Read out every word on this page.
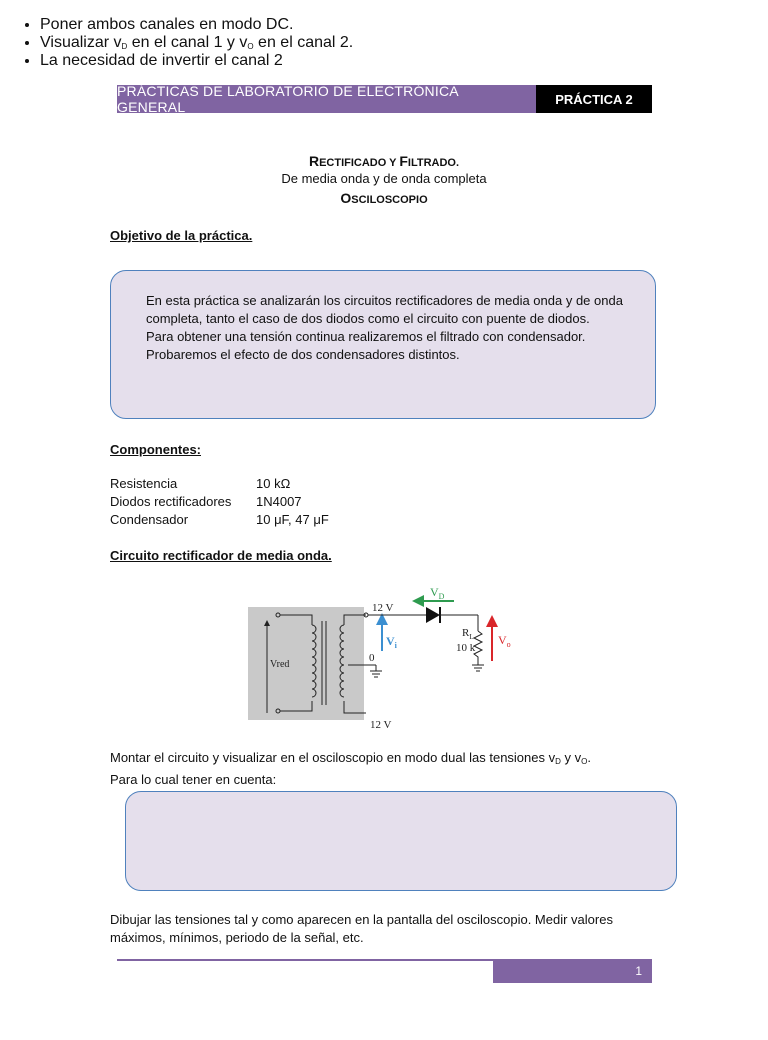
PRÁCTICAS DE LABORATORIO DE ELECTRÓNICA GENERAL	PRÁCTICA 2
RECTIFICADO Y FILTRADO.
De media onda y de onda completa
OSCILOSCOPIO
Objetivo de la práctica.

En esta práctica se analizarán los circuitos rectificadores de media onda y de onda completa, tanto el caso de dos diodos como el circuito con puente de diodos.

Para obtener una tensión continua realizaremos el filtrado con condensador.

Probaremos el efecto de dos condensadores distintos.

Componentes:
Resistencia	10 kΩ
Diodos rectificadores 1N4007
Condensador	10 μF, 47 μF
Circuito rectificador de media onda.
Vred
12 V
12 V
0
$V_i$
$V_D$
$R_L$
10 k
$V_o$

Montar el circuito y visualizar en el osciloscopio en modo dual las tensiones $v_D$ y $v_O$.

Para lo cual tener en cuenta:

• Poner ambos canales en modo DC.
• Visualizar $v_D$ en el canal 1 y $v_O$ en el canal 2.
• La necesidad de invertir el canal 2
Dibujar las tensiones tal y como aparecen en la pantalla del osciloscopio. Medir valores máximos, mínimos, periodo de la señal, etc.
1
